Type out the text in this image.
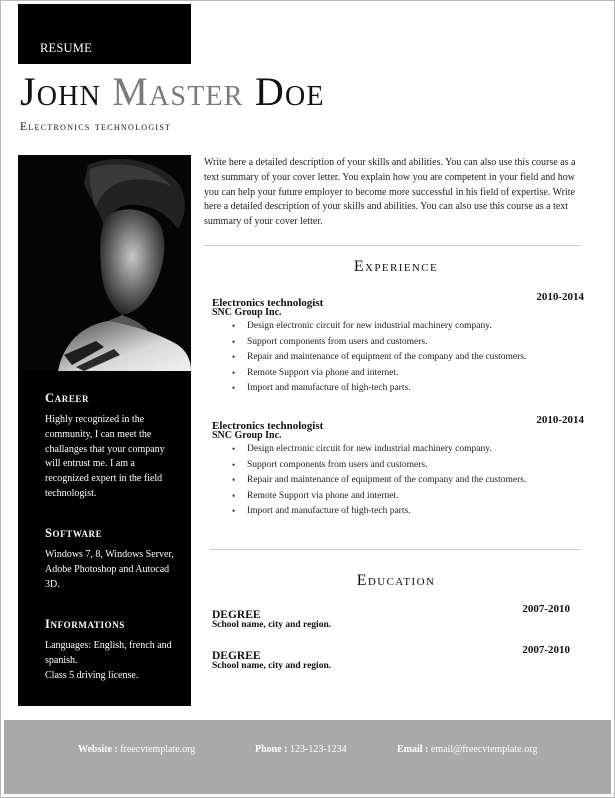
RESUME
John Master Doe
Electronics technologist
Career
Highly recognized in the community, I can meet the challanges that your company will entrust me. I am a recognized expert in the field technologist.
Software
Windows 7, 8, Windows Server, Adobe Photoshop and Autocad 3D.
Informations
Languages: English, french and spanish.
Class 5 driving license.
Write here a detailed description of your skills and abilities. You can also use this course as a text summary of your cover letter. You explain how you are competent in your field and how you can help your future employer to become more successful in his field of expertise. Write here a detailed description of your skills and abilities. You can also use this course as a text summary of your cover letter.
Experience
Electronics technologist	2010-2014
SNC Group Inc.
• Design electronic circuit for new industrial machinery company.
• Support components from users and customers.
• Repair and maintenance of equipment of the company and the customers.
• Remote Support via phone and internet.
• Import and manufacture of high-tech parts.
Electronics technologist	2010-2014
SNC Group Inc.
• Design electronic circuit for new industrial machinery company.
• Support components from users and customers.
• Repair and maintenance of equipment of the company and the customers.
• Remote Support via phone and internet.
• Import and manufacture of high-tech parts.
Education
DEGREE	2007-2010
School name, city and region.
DEGREE	2007-2010
School name, city and region.
Website : freecvtemplate.org	Phone : 123-123-1234	Email : email@freecvtemplate.org
